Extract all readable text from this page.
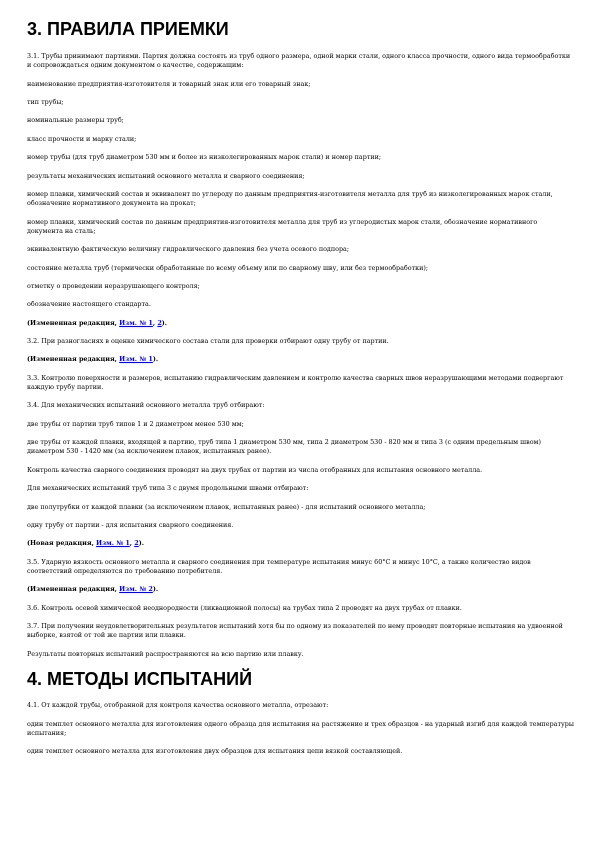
3. ПРАВИЛА ПРИЕМКИ

3.1. Трубы принимают партиями. Партия должна состоять из труб одного размера, одной марки стали, одного класса прочности, одного вида термообработки и сопровождаться одним документом о качестве, содержащим:

наименование предприятия-изготовителя и товарный знак или его товарный знак;

тип трубы;

номинальные размеры труб;

класс прочности и марку стали;

номер трубы (для труб диаметром 530 мм и более из низколегированных марок стали) и номер партии;

результаты механических испытаний основного металла и сварного соединения;

номер плавки, химический состав и эквивалент по углероду по данным предприятия-изготовителя металла для труб из низколегированных марок стали, обозначение нормативного документа на прокат;

номер плавки, химический состав по данным предприятия-изготовителя металла для труб из углеродистых марок стали, обозначение нормативного документа на сталь;

эквивалентную фактическую величину гидравлического давления без учета осевого подпора;

состояние металла труб (термически обработанные по всему объему или по сварному шву, или без термообработки);

отметку о проведении неразрушающего контроля;

обозначение настоящего стандарта.

(Измененная редакция, Изм. № 1, 2).

3.2. При разногласиях в оценке химического состава стали для проверки отбирают одну трубу от партии.

(Измененная редакция, Изм. № 1).

3.3. Контролю поверхности и размеров, испытанию гидравлическим давлением и контролю качества сварных швов неразрушающими методами подвергают каждую трубу партии.

3.4. Для механических испытаний основного металла труб отбирают:

две трубы от партии труб типов 1 и 2 диаметром менее 530 мм;

две трубы от каждой плавки, входящей в партию, труб типа 1 диаметром 530 мм, типа 2 диаметром 530 - 820 мм и типа 3 (с одним предельным швом) диаметром 530 - 1420 мм (за исключением плавок, испытанных ранее).

Контроль качества сварного соединения проводят на двух трубах от партии из числа отобранных для испытания основного металла.

Для механических испытаний труб типа 3 с двумя продольными швами отбирают:

две полутрубки от каждой плавки (за исключением плавок, испытанных ранее) - для испытаний основного металла;

одну трубу от партии - для испытания сварного соединения.

(Новая редакция, Изм. № 1, 2).

3.5. Ударную вязкость основного металла и сварного соединения при температуре испытания минус 60°С и минус 10°С, а также количество видов соответствий определяются по требованию потребителя.

(Измененная редакция, Изм. № 2).

3.6. Контроль осевой химической неоднородности (ликвационной полосы) на трубах типа 2 проводят на двух трубах от плавки.

3.7. При получении неудовлетворительных результатов испытаний хотя бы по одному из показателей по нему проводят повторные испытания на удвоенной выборке, взятой от той же партии или плавки.

Результаты повторных испытаний распространяются на всю партию или плавку.

4. МЕТОДЫ ИСПЫТАНИЙ

4.1. От каждой трубы, отобранной для контроля качества основного металла, отрезают:

один темплет основного металла для изготовления одного образца для испытания на растяжение и трех образцов - на ударный изгиб для каждой температуры испытания;

один темплет основного металла для изготовления двух образцов для испытания цепи вязкой составляющей.
